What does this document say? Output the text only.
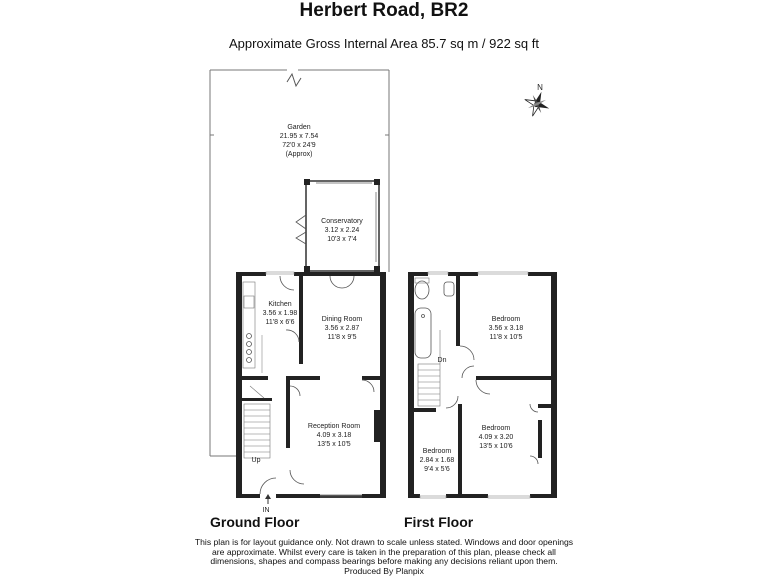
Herbert Road, BR2
Approximate Gross Internal Area 85.7 sq m / 922 sq ft
N
Garden
21.95 x 7.54
72'0 x 24'9
(Approx)
Conservatory
3.12 x 2.24
10'3 x 7'4
Kitchen
3.56 x 1.98
11'8 x 6'6	Dining Room
3.56 x 2.87
11'8 x 9'5
Reception Room
4.09 x 3.18
13'5 x 10'5
Up
IN
Dn
Bedroom
3.56 x 3.18
11'8 x 10'5
Bedroom
4.09 x 3.20
13'5 x 10'6
Bedroom
2.84 x 1.68
9'4 x 5'6
Ground Floor	First Floor
This plan is for layout guidance only. Not drawn to scale unless stated. Windows and door openings
are approximate. Whilst every care is taken in the preparation of this plan, please check all
dimensions, shapes and compass bearings before making any decisions reliant upon them.
Produced By Planpix
